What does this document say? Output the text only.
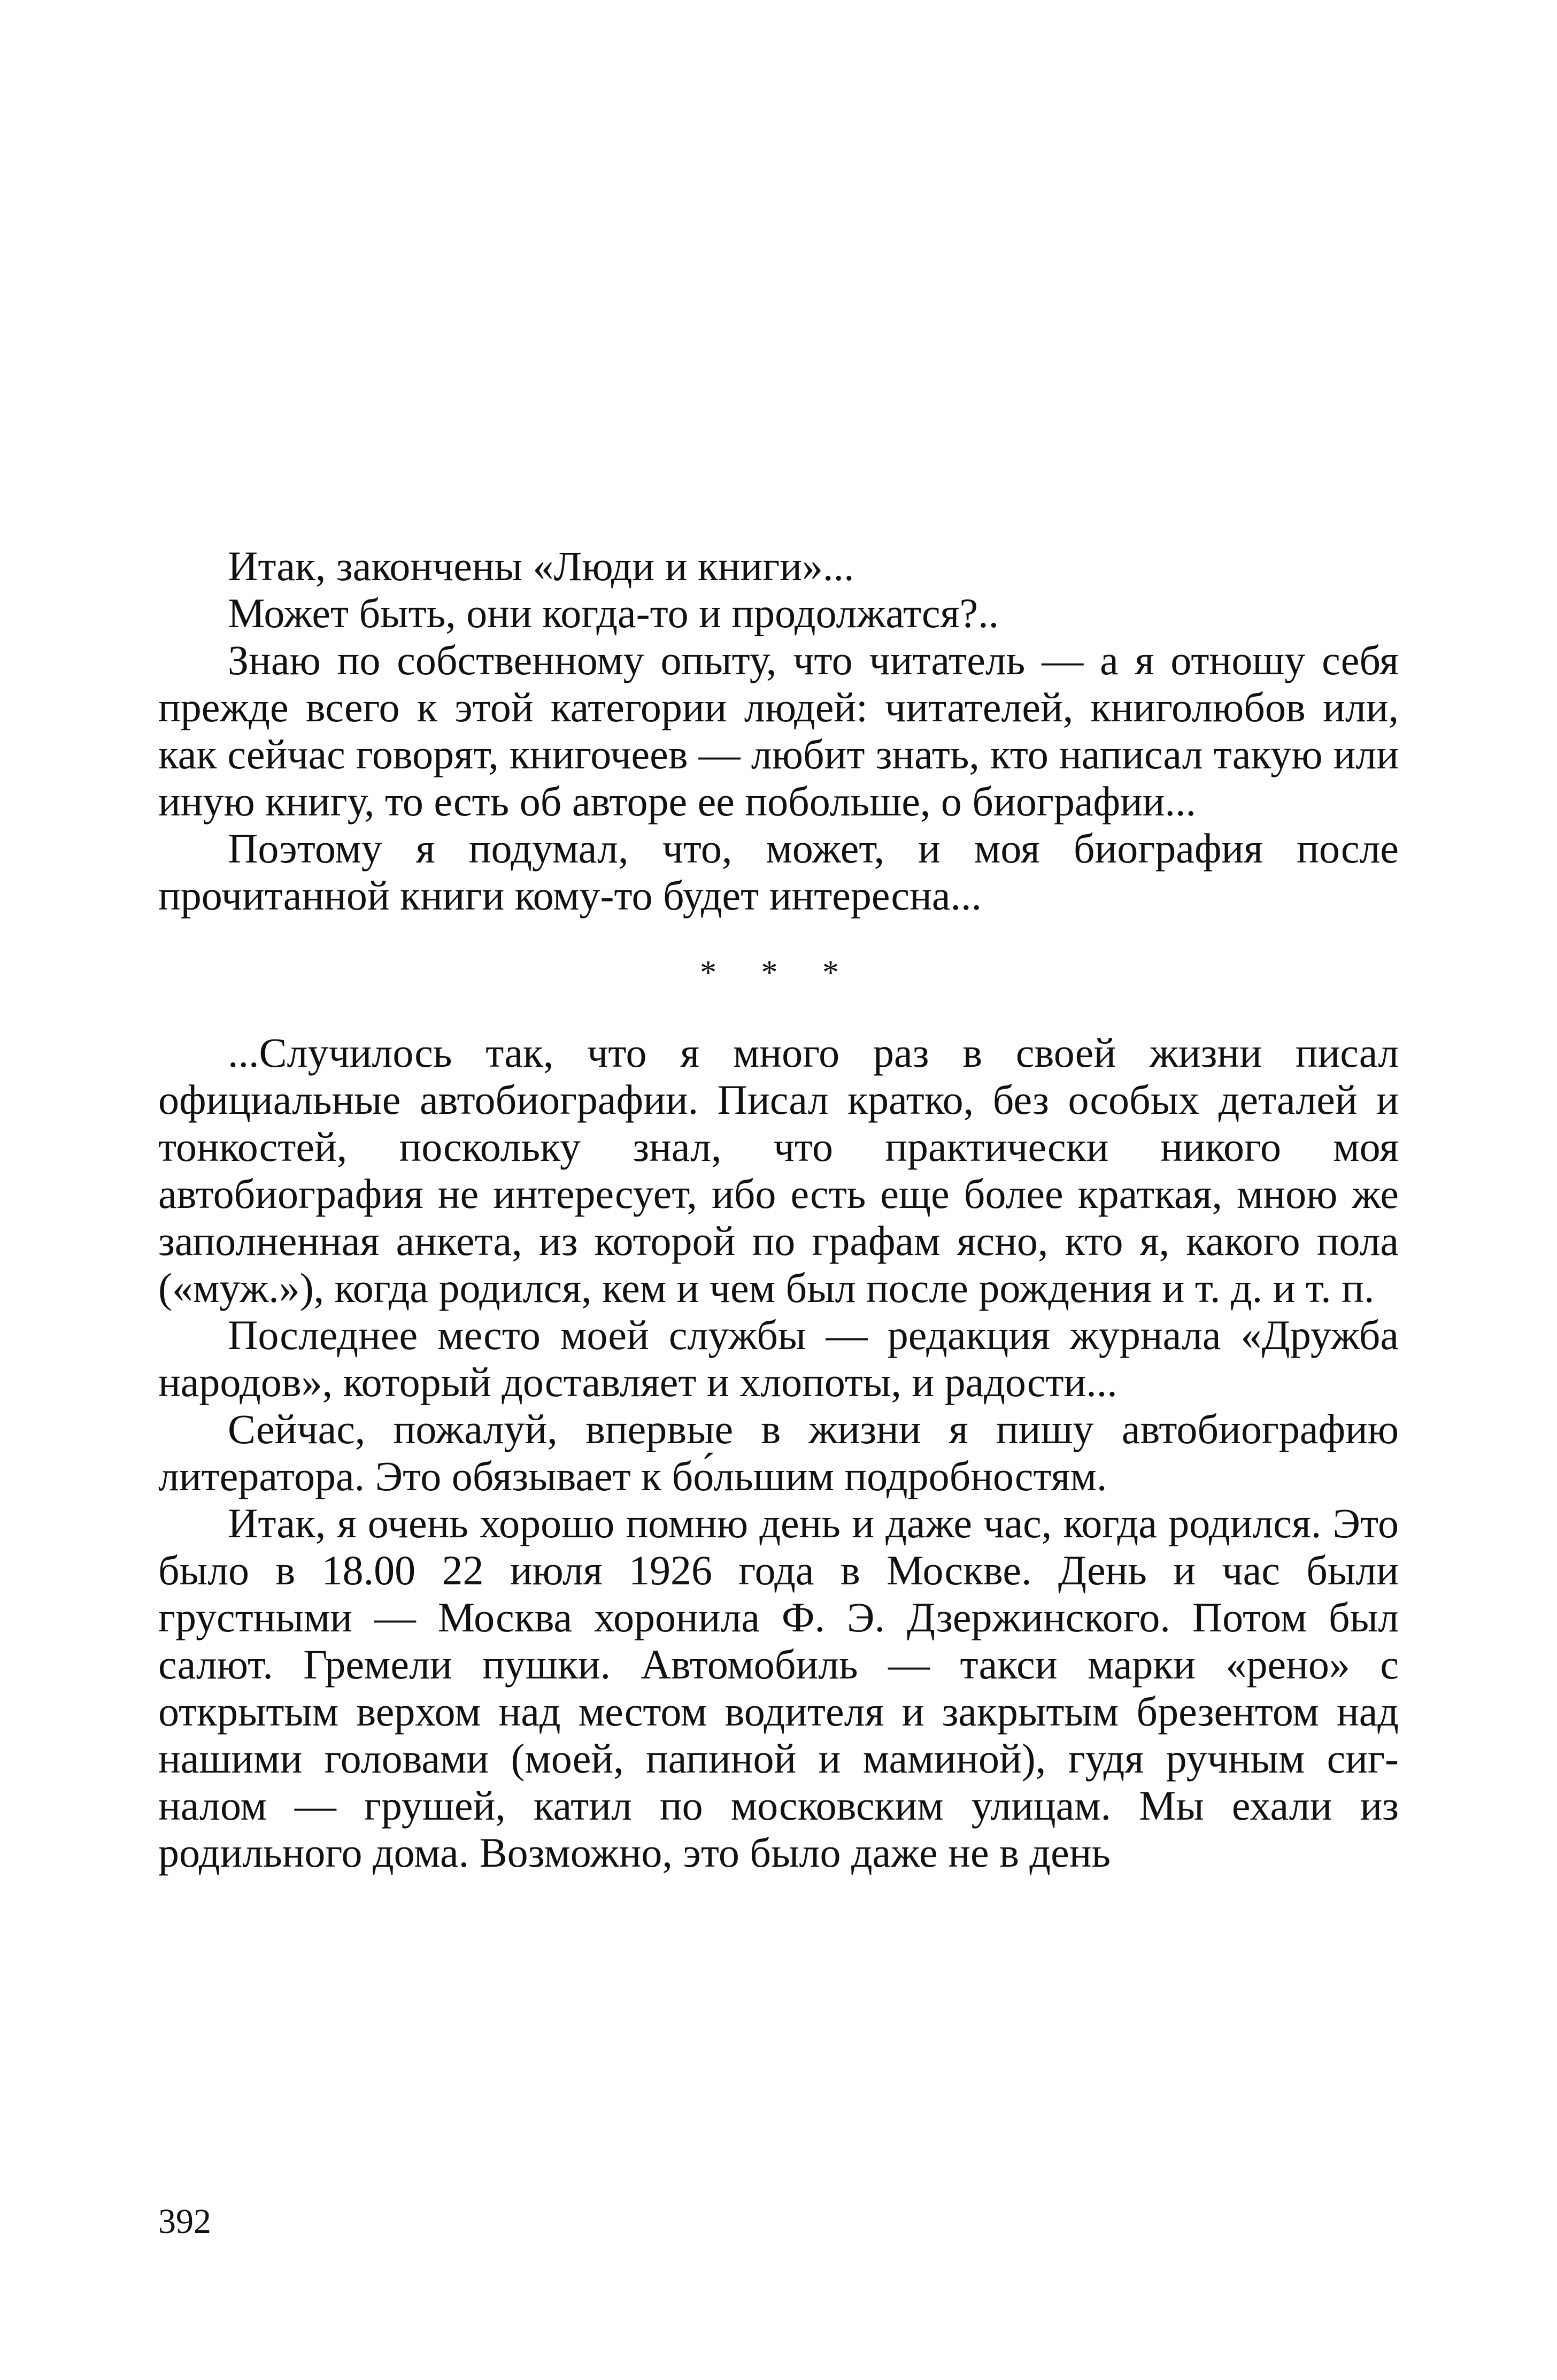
Итак, закончены «Люди и книги»...

Может быть, они когда-то и продолжатся?..

Знаю по собственному опыту, что читатель — а я отношу себя прежде всего к этой категории людей: читателей, книголюбов или, как сейчас говорят, книгочеев — любит знать, кто написал такую или иную книгу, то есть об авторе ее побольше, о биографии...

Поэтому я подумал, что, может, и моя биография после прочитанной книги кому-то будет интересна...

* * *

...Случилось так, что я много раз в своей жизни писал официальные автобиографии. Писал кратко, без особых деталей и тонкостей, поскольку знал, что практически никого моя автобиография не интересует, ибо есть еще более краткая, мною же заполненная анкета, из которой по графам ясно, кто я, какого пола («муж.»), когда родился, кем и чем был после рождения и т. д. и т. п.

Последнее место моей службы — редакция журнала «Дружба народов», который доставляет и хлопоты, и радости...

Сейчас, пожалуй, впервые в жизни я пишу автобиографию литератора. Это обязывает к бо́льшим подробностям.

Итак, я очень хорошо помню день и даже час, когда родился. Это было в 18.00 22 июля 1926 года в Москве. День и час были грустными — Москва хоронила Ф. Э. Дзержинского. Потом был салют. Гремели пушки. Автомобиль — такси марки «рено» с открытым верхом над местом водителя и закрытым брезентом над нашими головами (моей, папиной и маминой), гудя ручным сигналом — грушей, катил по московским улицам. Мы ехали из родильного дома. Возможно, это было даже не в день

392
